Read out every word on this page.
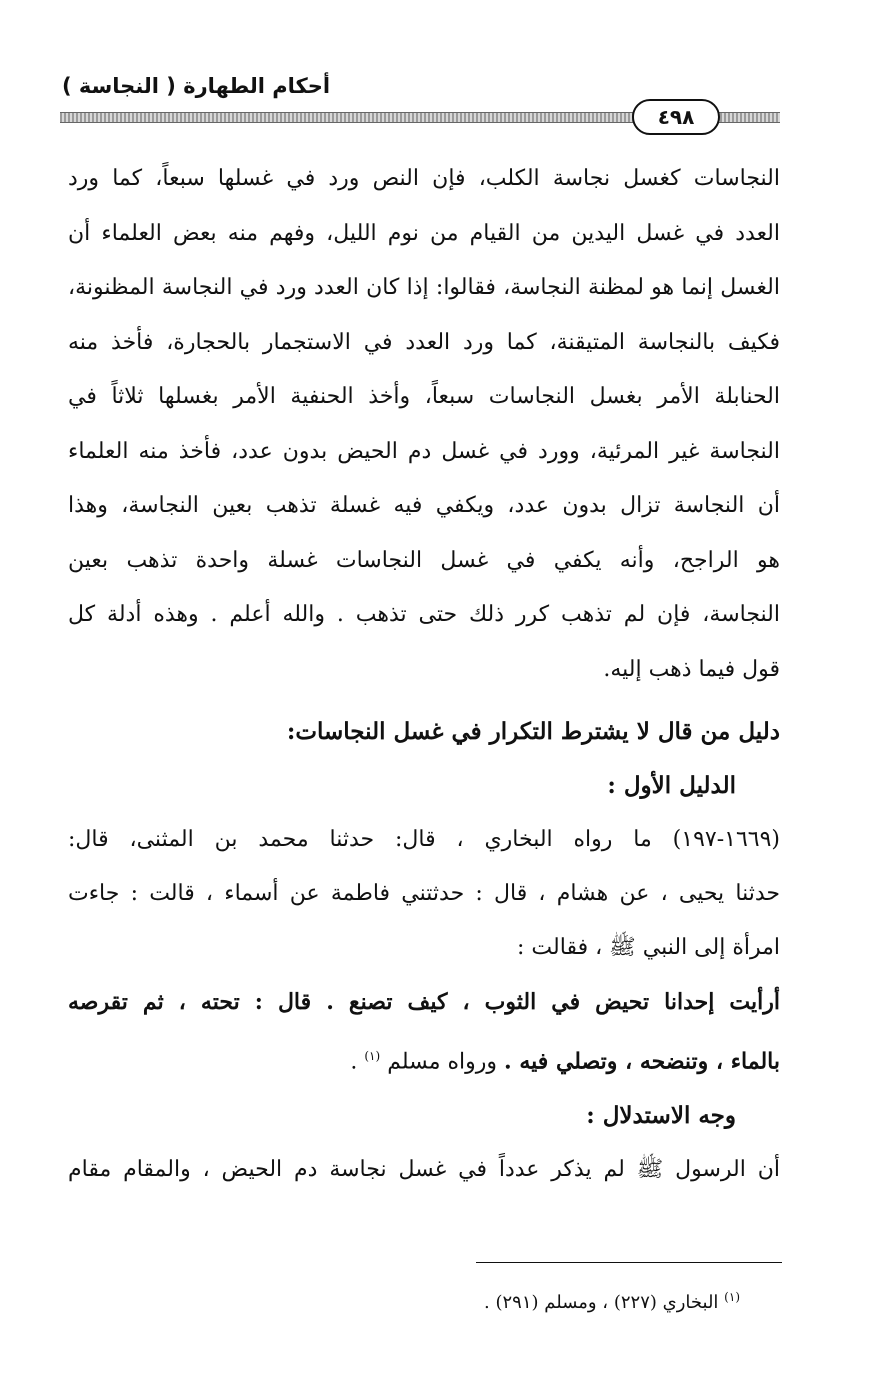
أحكام الطهارة ( النجاسة )
٤٩٨
النجاسات كغسل نجاسة الكلب، فإن النص ورد في غسلها سبعاً، كما ورد
العدد في غسل اليدين من القيام من نوم الليل، وفهم منه بعض العلماء أن
الغسل إنما هو لمظنة النجاسة، فقالوا: إذا كان العدد ورد في النجاسة المظنونة،
فكيف بالنجاسة المتيقنة، كما ورد العدد في الاستجمار بالحجارة، فأخذ منه
الحنابلة الأمر بغسل النجاسات سبعاً، وأخذ الحنفية الأمر بغسلها ثلاثاً في
النجاسة غير المرئية، وورد في غسل دم الحيض بدون عدد، فأخذ منه العلماء
أن النجاسة تزال بدون عدد، ويكفي فيه غسلة تذهب بعين النجاسة، وهذا
هو الراجح، وأنه يكفي في غسل النجاسات غسلة واحدة تذهب بعين
النجاسة، فإن لم تذهب كرر ذلك حتى تذهب . والله أعلم . وهذه أدلة كل
قول فيما ذهب إليه.
دليل من قال لا يشترط التكرار في غسل النجاسات:
الدليل الأول :
(١٦٦٩-١٩٧) ما رواه البخاري ، قال: حدثنا محمد بن المثنى، قال:
حدثنا يحيى ، عن هشام ، قال : حدثتني فاطمة عن أسماء ، قالت : جاءت
امرأة إلى النبي ﷺ ، فقالت :
أرأيت إحدانا تحيض في الثوب ، كيف تصنع . قال : تحته ، ثم تقرصه
بالماء ، وتنضحه ، وتصلي فيه . ورواه مسلم $^{(١)}$ .
وجه الاستدلال :
أن الرسول ﷺ لم يذكر عدداً في غسل نجاسة دم الحيض ، والمقام مقام
$^{(١)}$ البخاري (٢٢٧) ، ومسلم (٢٩١) .
